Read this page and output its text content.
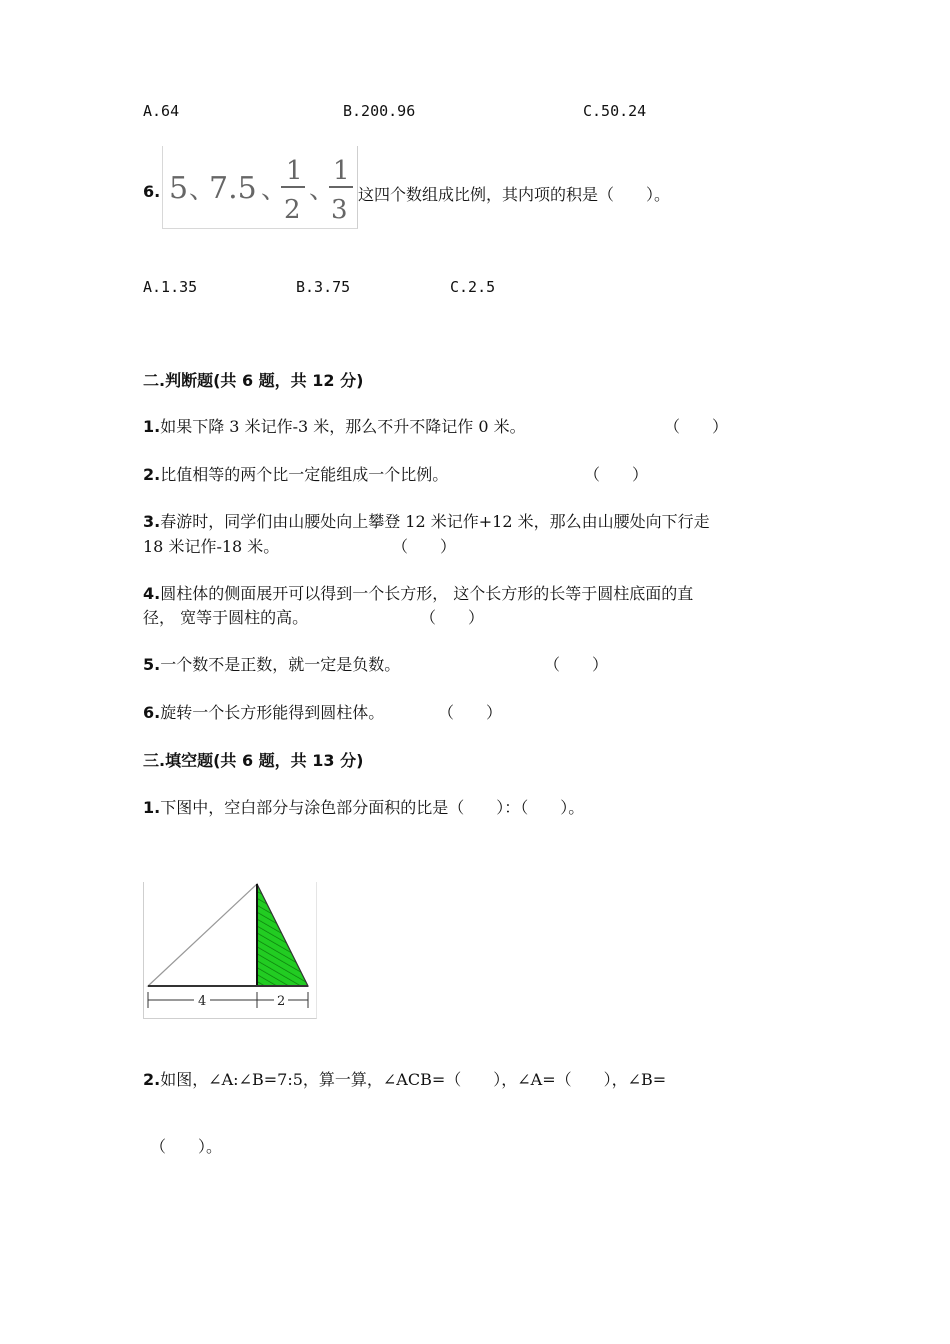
A.64	B.200.96	C.50.24
6. 5 、
7.5 、
1
2
、
1
3
这四个数组成比例，其内项的积是（　　）。
A.1.35	B.3.75	C.2.5
二.判断题(共 6 题，共 12 分)
1.如果下降 3 米记作-3 米，那么不升不降记作 0 米。	（　　）
2.比值相等的两个比一定能组成一个比例。	（　　）
3.春游时，同学们由山腰处向上攀登 12 米记作+12 米，那么由山腰处向下行走
18 米记作-18 米。	（　　）
4.圆柱体的侧面展开可以得到一个长方形， 这个长方形的长等于圆柱底面的直
径， 宽等于圆柱的高。	（　　）
5.一个数不是正数，就一定是负数。	（　　）
6.旋转一个长方形能得到圆柱体。	（　　）
三.填空题(共 6 题，共 13 分)
1.下图中，空白部分与涂色部分面积的比是（　　）：（　　）。
4	2
2.如图，∠A:∠B=7:5，算一算，∠ACB=（　　），∠A=（　　），∠B=
（　　）。
